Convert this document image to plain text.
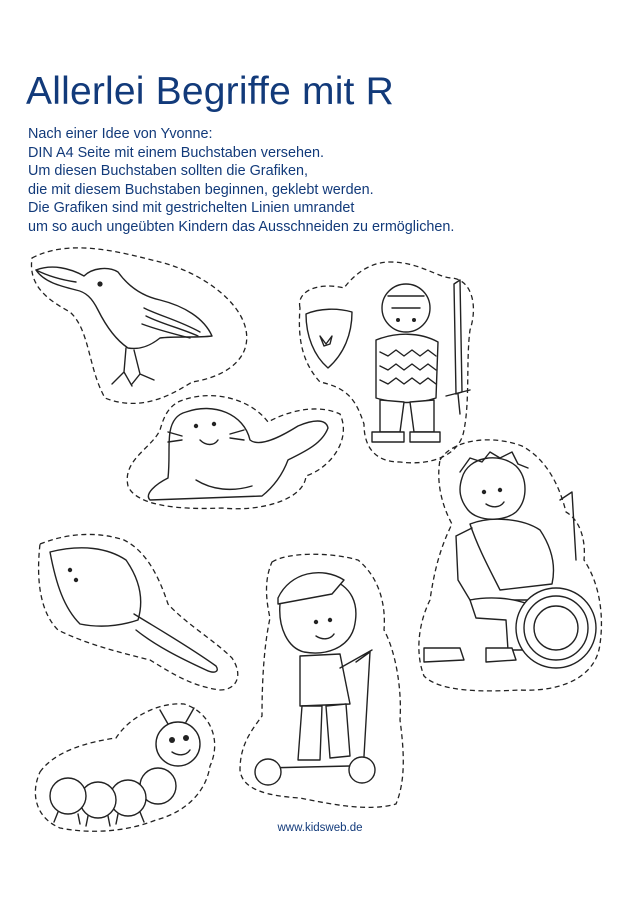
Allerlei Begriffe mit R
Nach einer Idee von Yvonne:
DIN A4 Seite mit einem Buchstaben versehen.
Um diesen Buchstaben sollten die Grafiken,
die mit diesem Buchstaben beginnen, geklebt werden.
Die Grafiken sind mit gestrichelten Linien umrandet
um so auch ungeübten Kindern das Ausschneiden zu ermöglichen.
www.kidsweb.de
